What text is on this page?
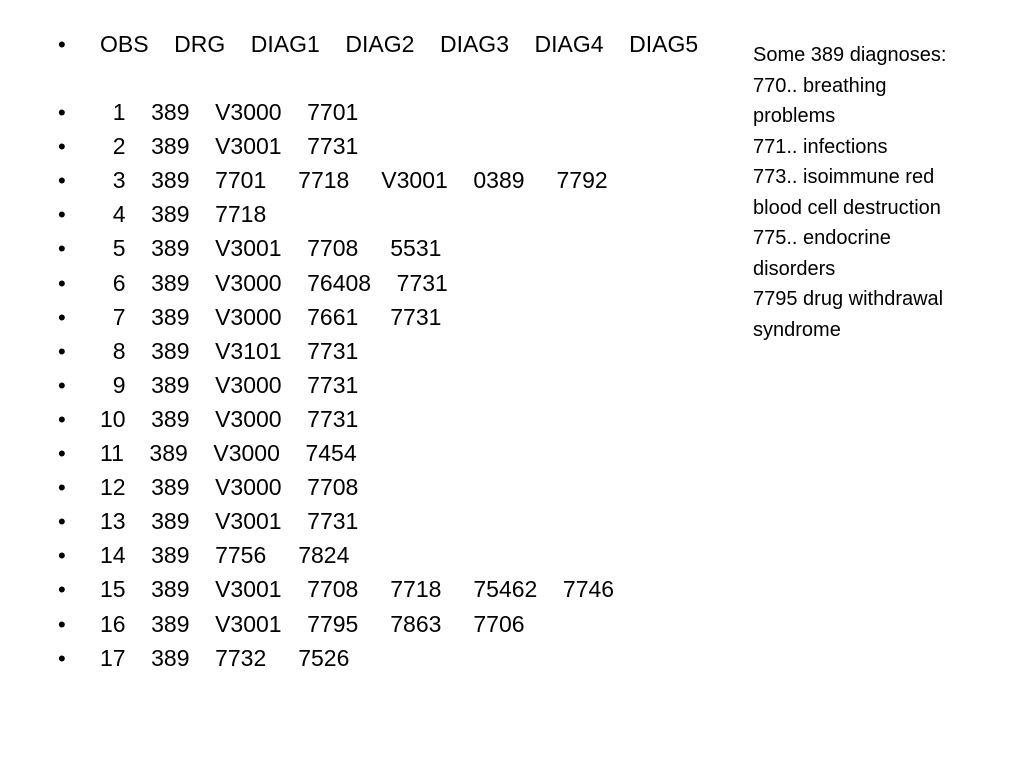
•	OBS    DRG    DIAG1    DIAG2    DIAG3    DIAG4    DIAG5
•	1    389    V3000    7701
•	2    389    V3001    7731
•	3    389    7701     7718     V3001    0389     7792
•	4    389    7718
•	5    389    V3001    7708     5531
•	6    389    V3000    76408    7731
•	7    389    V3000    7661     7731
•	8    389    V3101    7731
•	9    389    V3000    7731
•	10    389    V3000    7731
•	11    389    V3000    7454
•	12    389    V3000    7708
•	13    389    V3001    7731
•	14    389    7756     7824
•	15    389    V3001    7708     7718     75462    7746
•	16    389    V3001    7795     7863     7706
•	17    389    7732     7526
Some 389 diagnoses:
770.. breathing
problems
771.. infections
773.. isoimmune red
blood cell destruction
775.. endocrine
disorders
7795 drug withdrawal
syndrome
